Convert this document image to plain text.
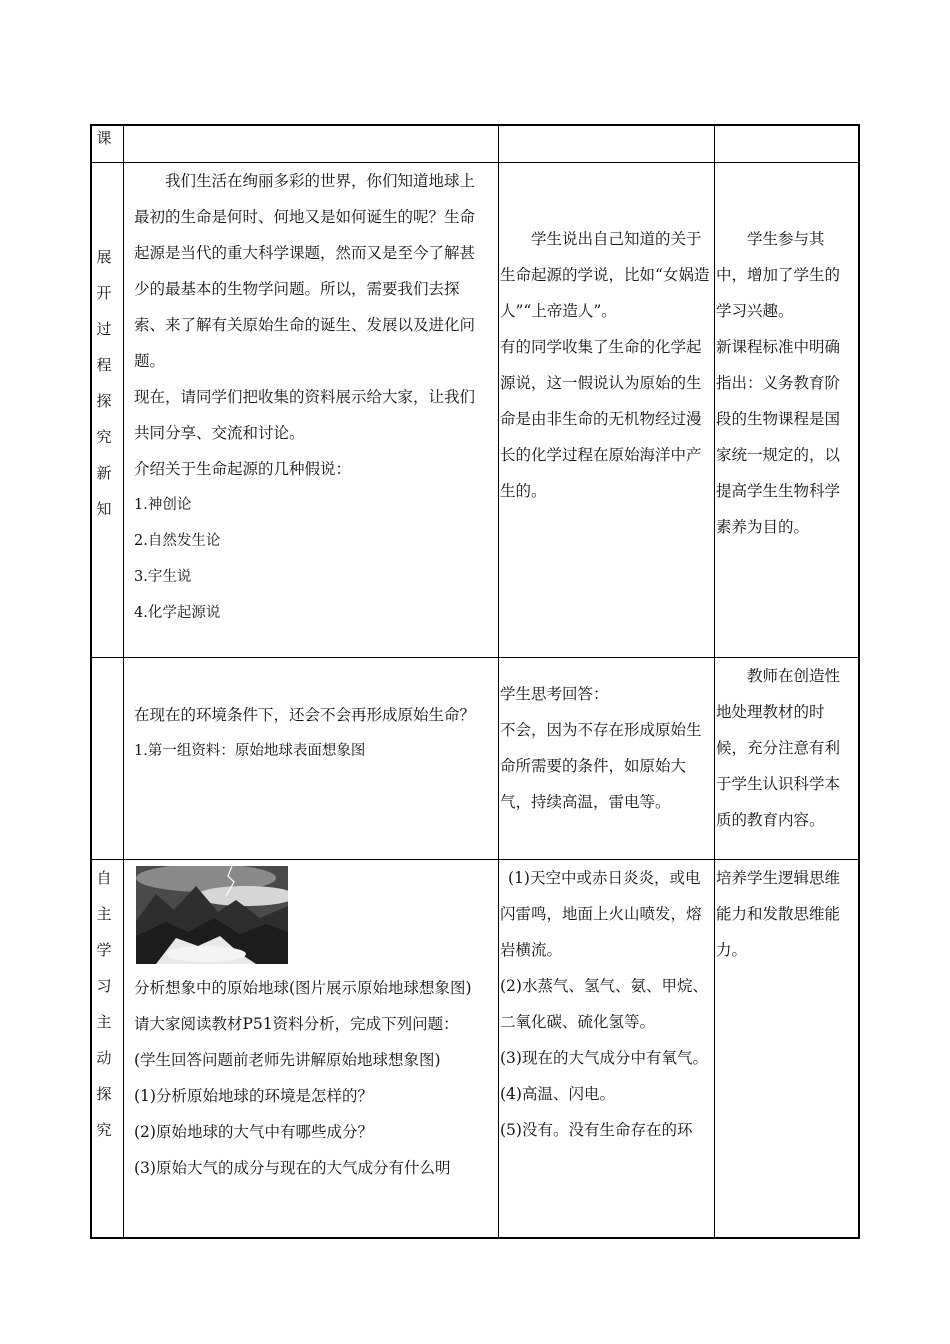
课
展
开
过
程
探
究
新
知

我们生活在绚丽多彩的世界，你们知道地球上最初的生命是何时、何地又是如何诞生的呢？生命起源是当代的重大科学课题，然而又是至今了解甚少的最基本的生物学问题。所以，需要我们去探索、来了解有关原始生命的诞生、发展以及进化问题。

现在，请同学们把收集的资料展示给大家，让我们共同分享、交流和讨论。

介绍关于生命起源的几种假说：

1.神创论

2.自然发生论

3.宇生说

4.化学起源说

学生说出自己知道的关于生命起源的学说，比如“女娲造人”“上帝造人”。

有的同学收集了生命的化学起源说，这一假说认为原始的生命是由非生命的无机物经过漫长的化学过程在原始海洋中产生的。

学生参与其中，增加了学生的学习兴趣。

新课程标准中明确指出：义务教育阶段的生物课程是国家统一规定的，以提高学生生物科学素养为目的。

在现在的环境条件下，还会不会再形成原始生命？

1.第一组资料：原始地球表面想象图

学生思考回答：

不会，因为不存在形成原始生命所需要的条件，如原始大气，持续高温，雷电等。

教师在创造性地处理教材的时候，充分注意有利于学生认识科学本质的教育内容。

自
主
学
习
主
动
探
究

分析想象中的原始地球(图片展示原始地球想象图)

请大家阅读教材P51资料分析，完成下列问题：

(学生回答问题前老师先讲解原始地球想象图)

(1)分析原始地球的环境是怎样的？

(2)原始地球的大气中有哪些成分？

(3)原始大气的成分与现在的大气成分有什么明

(1)天空中或赤日炎炎，或电闪雷鸣，地面上火山喷发，熔岩横流。

(2)水蒸气、氢气、氨、甲烷、二氧化碳、硫化氢等。

(3)现在的大气成分中有氧气。

(4)高温、闪电。

(5)没有。没有生命存在的环

培养学生逻辑思维能力和发散思维能力。
